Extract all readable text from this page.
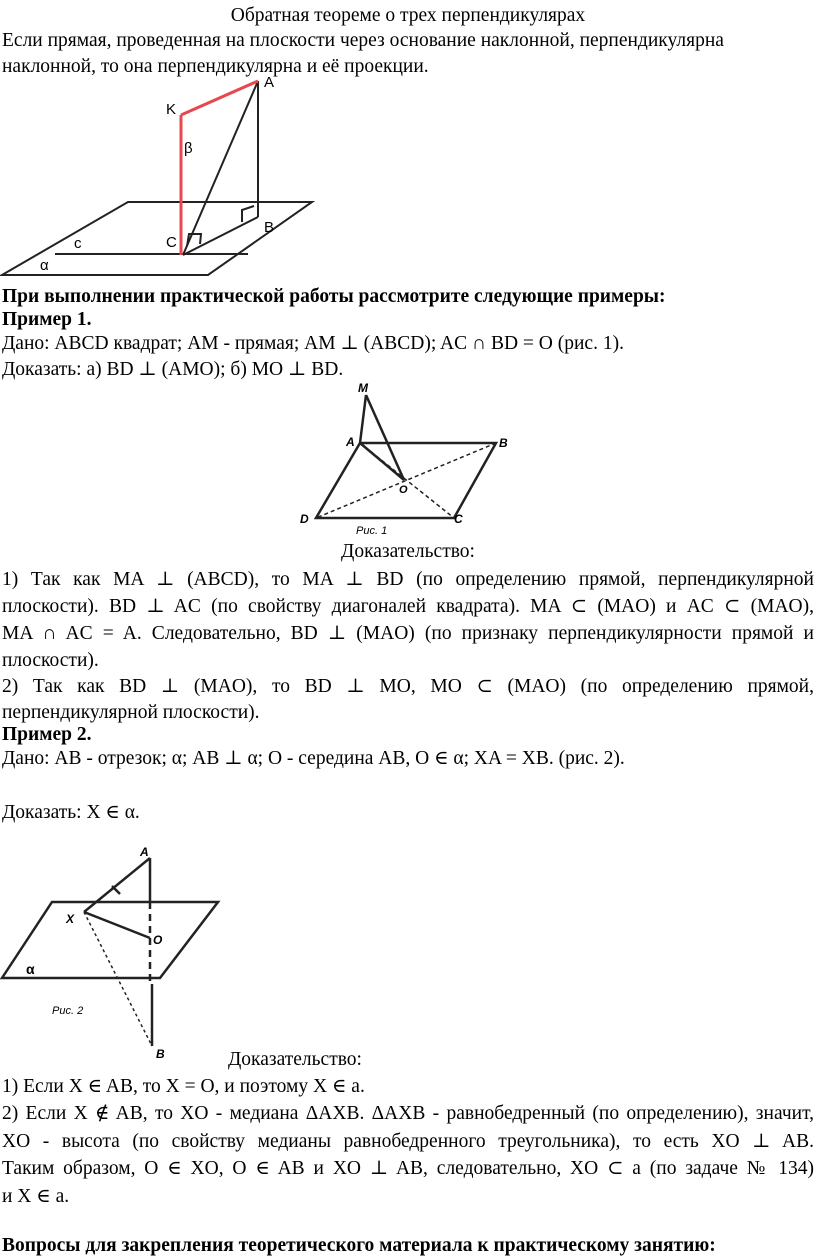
Обратная теореме о трех перпендикулярах
Если прямая, проведенная на плоскости через основание наклонной, перпендикулярна
наклонной, то она перпендикулярна и её проекции.
A
K
β
C
c
B
α
При выполнении практической работы рассмотрите следующие примеры:
Пример 1.
Дано: ABCD квадрат; AM - прямая; AM ⊥ (ABCD); AC ∩ BD = O (рис. 1).
Доказать: а) BD ⊥ (AMO); б) MO ⊥ BD.
M
A	B
O
D	C
Рис. 1
Доказательство:
1) Так как MA ⊥ (ABCD), то MA ⊥ BD (по определению прямой, перпендикулярной
плоскости). BD ⊥ AC (по свойству диагоналей квадрата). MA ⊂ (MAO) и AC ⊂ (MAO),
MA ∩ AC = A. Следовательно, BD ⊥ (MAO) (по признаку перпендикулярности прямой и
плоскости).
2) Так как BD ⊥ (MAO), то BD ⊥ MO, MO ⊂ (MAO) (по определению прямой,
перпендикулярной плоскости).
Пример 2.
Дано: AB - отрезок; α; AB ⊥ α; O - середина AB, O ∈ α; XA = XB. (рис. 2).
Доказать: X ∈ α.
A
X
O
α
Рис. 2
B	Доказательство:
1) Если X ∈ AB, то X = O, и поэтому X ∈ a.
2) Если X ∉ AB, то XO - медиана ΔAXB. ΔAXB - равнобедренный (по определению), значит,
XO - высота (по свойству медианы равнобедренного треугольника), то есть XO ⊥ AB.
Таким образом, O ∈ XO, O ∈ AB и XO ⊥ AB, следовательно, XO ⊂ a (по задаче № 134)
и X ∈ a.
Вопросы для закрепления теоретического материала к практическому занятию:
